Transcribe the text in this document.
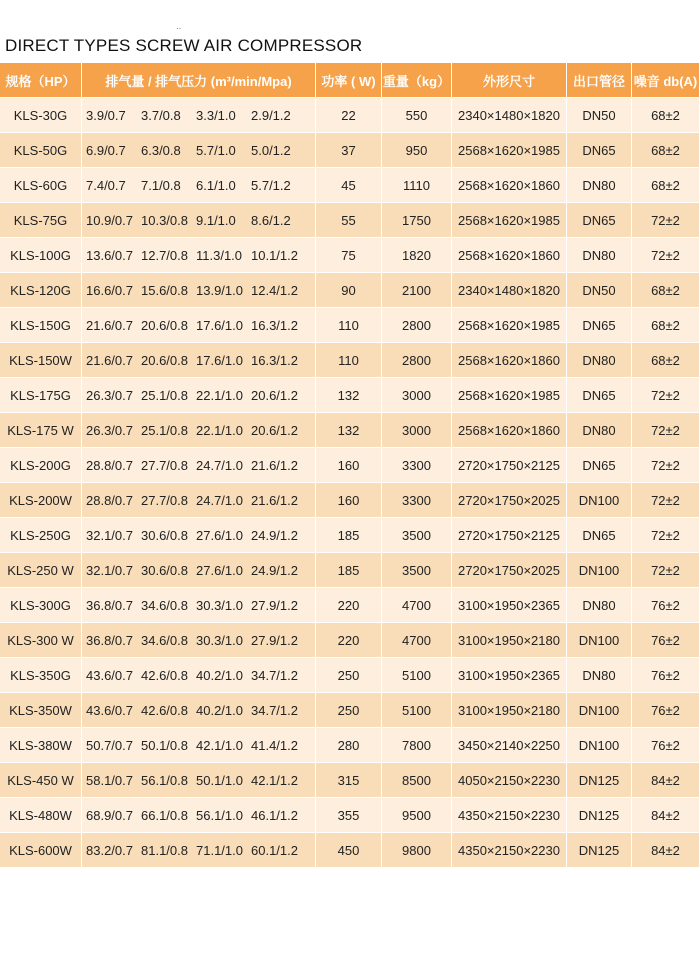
··
DIRECT TYPES SCREW AIR COMPRESSOR
规格（HP）	排气量 / 排气压力 (m³/min/Mpa)	功率 ( W)	重量（kg）	外形尺寸	出口管径	噪音 db(A)
KLS-30G	3.9/0.7 3.7/0.8 3.3/1.0 2.9/1.2	22	550	2340×1480×1820	DN50	68±2
KLS-50G	6.9/0.7 6.3/0.8 5.7/1.0 5.0/1.2	37	950	2568×1620×1985	DN65	68±2
KLS-60G	7.4/0.7 7.1/0.8 6.1/1.0 5.7/1.2	45	1110	2568×1620×1860	DN80	68±2
KLS-75G	10.9/0.7 10.3/0.8 9.1/1.0 8.6/1.2	55	1750	2568×1620×1985	DN65	72±2
KLS-100G	13.6/0.7 12.7/0.8 11.3/1.0 10.1/1.2	75	1820	2568×1620×1860	DN80	72±2
KLS-120G	16.6/0.7 15.6/0.8 13.9/1.0 12.4/1.2	90	2100	2340×1480×1820	DN50	68±2
KLS-150G	21.6/0.7 20.6/0.8 17.6/1.0 16.3/1.2	110	2800	2568×1620×1985	DN65	68±2
KLS-150W	21.6/0.7 20.6/0.8 17.6/1.0 16.3/1.2	110	2800	2568×1620×1860	DN80	68±2
KLS-175G	26.3/0.7 25.1/0.8 22.1/1.0 20.6/1.2	132	3000	2568×1620×1985	DN65	72±2
KLS-175 W	26.3/0.7 25.1/0.8 22.1/1.0 20.6/1.2	132	3000	2568×1620×1860	DN80	72±2
KLS-200G	28.8/0.7 27.7/0.8 24.7/1.0 21.6/1.2	160	3300	2720×1750×2125	DN65	72±2
KLS-200W	28.8/0.7 27.7/0.8 24.7/1.0 21.6/1.2	160	3300	2720×1750×2025	DN100	72±2
KLS-250G	32.1/0.7 30.6/0.8 27.6/1.0 24.9/1.2	185	3500	2720×1750×2125	DN65	72±2
KLS-250 W	32.1/0.7 30.6/0.8 27.6/1.0 24.9/1.2	185	3500	2720×1750×2025	DN100	72±2
KLS-300G	36.8/0.7 34.6/0.8 30.3/1.0 27.9/1.2	220	4700	3100×1950×2365	DN80	76±2
KLS-300 W	36.8/0.7 34.6/0.8 30.3/1.0 27.9/1.2	220	4700	3100×1950×2180	DN100	76±2
KLS-350G	43.6/0.7 42.6/0.8 40.2/1.0 34.7/1.2	250	5100	3100×1950×2365	DN80	76±2
KLS-350W	43.6/0.7 42.6/0.8 40.2/1.0 34.7/1.2	250	5100	3100×1950×2180	DN100	76±2
KLS-380W	50.7/0.7 50.1/0.8 42.1/1.0 41.4/1.2	280	7800	3450×2140×2250	DN100	76±2
KLS-450 W	58.1/0.7 56.1/0.8 50.1/1.0 42.1/1.2	315	8500	4050×2150×2230	DN125	84±2
KLS-480W	68.9/0.7 66.1/0.8 56.1/1.0 46.1/1.2	355	9500	4350×2150×2230	DN125	84±2
KLS-600W	83.2/0.7 81.1/0.8 71.1/1.0 60.1/1.2	450	9800	4350×2150×2230	DN125	84±2
